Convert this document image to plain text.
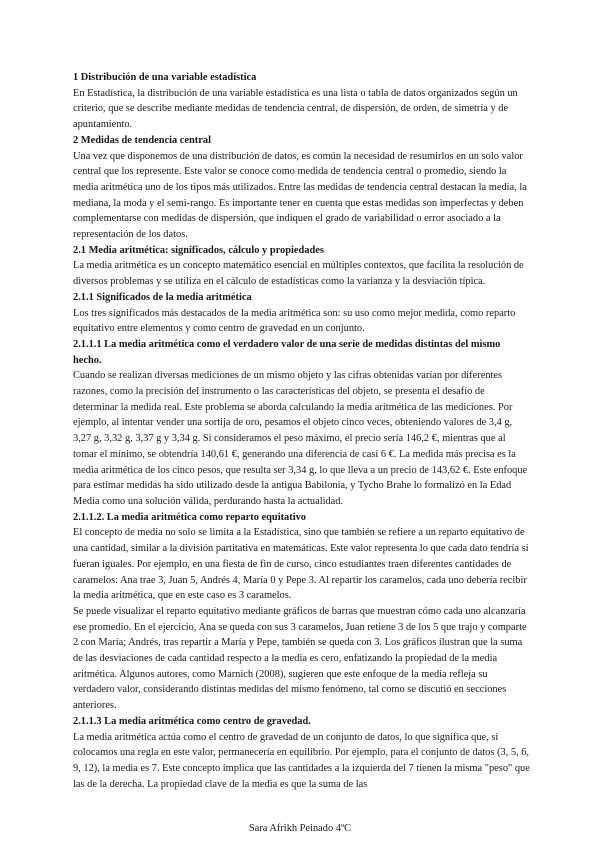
1 Distribución de una variable estadística

En Estadística, la distribución de una variable estadística es una lista o tabla de datos organizados según un criterio, que se describe mediante medidas de tendencia central, de dispersión, de orden, de simetría y de apuntamiento.

2 Medidas de tendencia central

Una vez que disponemos de una distribución de datos, es común la necesidad de resumirlos en un solo valor central que los represente. Este valor se conoce como medida de tendencia central o promedio, siendo la media aritmética uno de los tipos más utilizados. Entre las medidas de tendencia central destacan la media, la mediana, la moda y el semi-rango. Es importante tener en cuenta que estas medidas son imperfectas y deben complementarse con medidas de dispersión, que indiquen el grado de variabilidad o error asociado a la representación de los datos.

2.1 Media aritmética: significados, cálculo y propiedades

La media aritmética es un concepto matemático esencial en múltiples contextos, que facilita la resolución de diversos problemas y se utiliza en el cálculo de estadísticas como la varianza y la desviación típica.

2.1.1 Significados de la media aritmética

Los tres significados más destacados de la media aritmética son: su uso como mejor medida, como reparto equitativo entre elementos y como centro de gravedad en un conjunto.

2.1.1.1 La media aritmética como el verdadero valor de una serie de medidas distintas del mismo hecho.

Cuando se realizan diversas mediciones de un mismo objeto y las cifras obtenidas varían por diferentes razones, como la precisión del instrumento o las características del objeto, se presenta el desafío de determinar la medida real. Este problema se aborda calculando la media aritmética de las mediciones. Por ejemplo, al intentar vender una sortija de oro, pesamos el objeto cinco veces, obteniendo valores de 3,4 g, 3,27 g, 3,32 g, 3,37 g y 3,34 g. Si consideramos el peso máximo, el precio sería 146,2 €, mientras que al tomar el mínimo, se obtendría 140,61 €, generando una diferencia de casi 6 €. La medida más precisa es la media aritmética de los cinco pesos, que resulta ser 3,34 g, lo que lleva a un precio de 143,62 €. Este enfoque para estimar medidas ha sido utilizado desde la antigua Babilonia, y Tycho Brahe lo formalizó en la Edad Media como una solución válida, perdurando hasta la actualidad.

2.1.1.2. La media aritmética como reparto equitativo

El concepto de media no solo se limita a la Estadística, sino que también se refiere a un reparto equitativo de una cantidad, similar a la división partitativa en matemáticas. Este valor representa lo que cada dato tendría si fueran iguales. Por ejemplo, en una fiesta de fin de curso, cinco estudiantes traen diferentes cantidades de caramelos: Ana trae 3, Juan 5, Andrés 4, María 0 y Pepe 3. Al repartir los caramelos, cada uno debería recibir la media aritmética, que en este caso es 3 caramelos.

Se puede visualizar el reparto equitativo mediante gráficos de barras que muestran cómo cada uno alcanzaría ese promedio. En el ejercicio, Ana se queda con sus 3 caramelos, Juan retiene 3 de los 5 que trajo y comparte 2 con María; Andrés, tras repartir a María y Pepe, también se queda con 3. Los gráficos ilustran que la suma de las desviaciones de cada cantidad respecto a la media es cero, enfatizando la propiedad de la media aritmética. Algunos autores, como Marnich (2008), sugieren que este enfoque de la media refleja su verdadero valor, considerando distintas medidas del mismo fenómeno, tal como se discutió en secciones anteriores.

2.1.1.3 La media aritmética como centro de gravedad.

La media aritmética actúa como el centro de gravedad de un conjunto de datos, lo que significa que, si colocamos una regla en este valor, permanecería en equilibrio. Por ejemplo, para el conjunto de datos (3, 5, 6, 9, 12), la media es 7. Este concepto implica que las cantidades a la izquierda del 7 tienen la misma "peso" que las de la derecha. La propiedad clave de la media es que la suma de las

Sara Afrikh Peinado 4ºC
